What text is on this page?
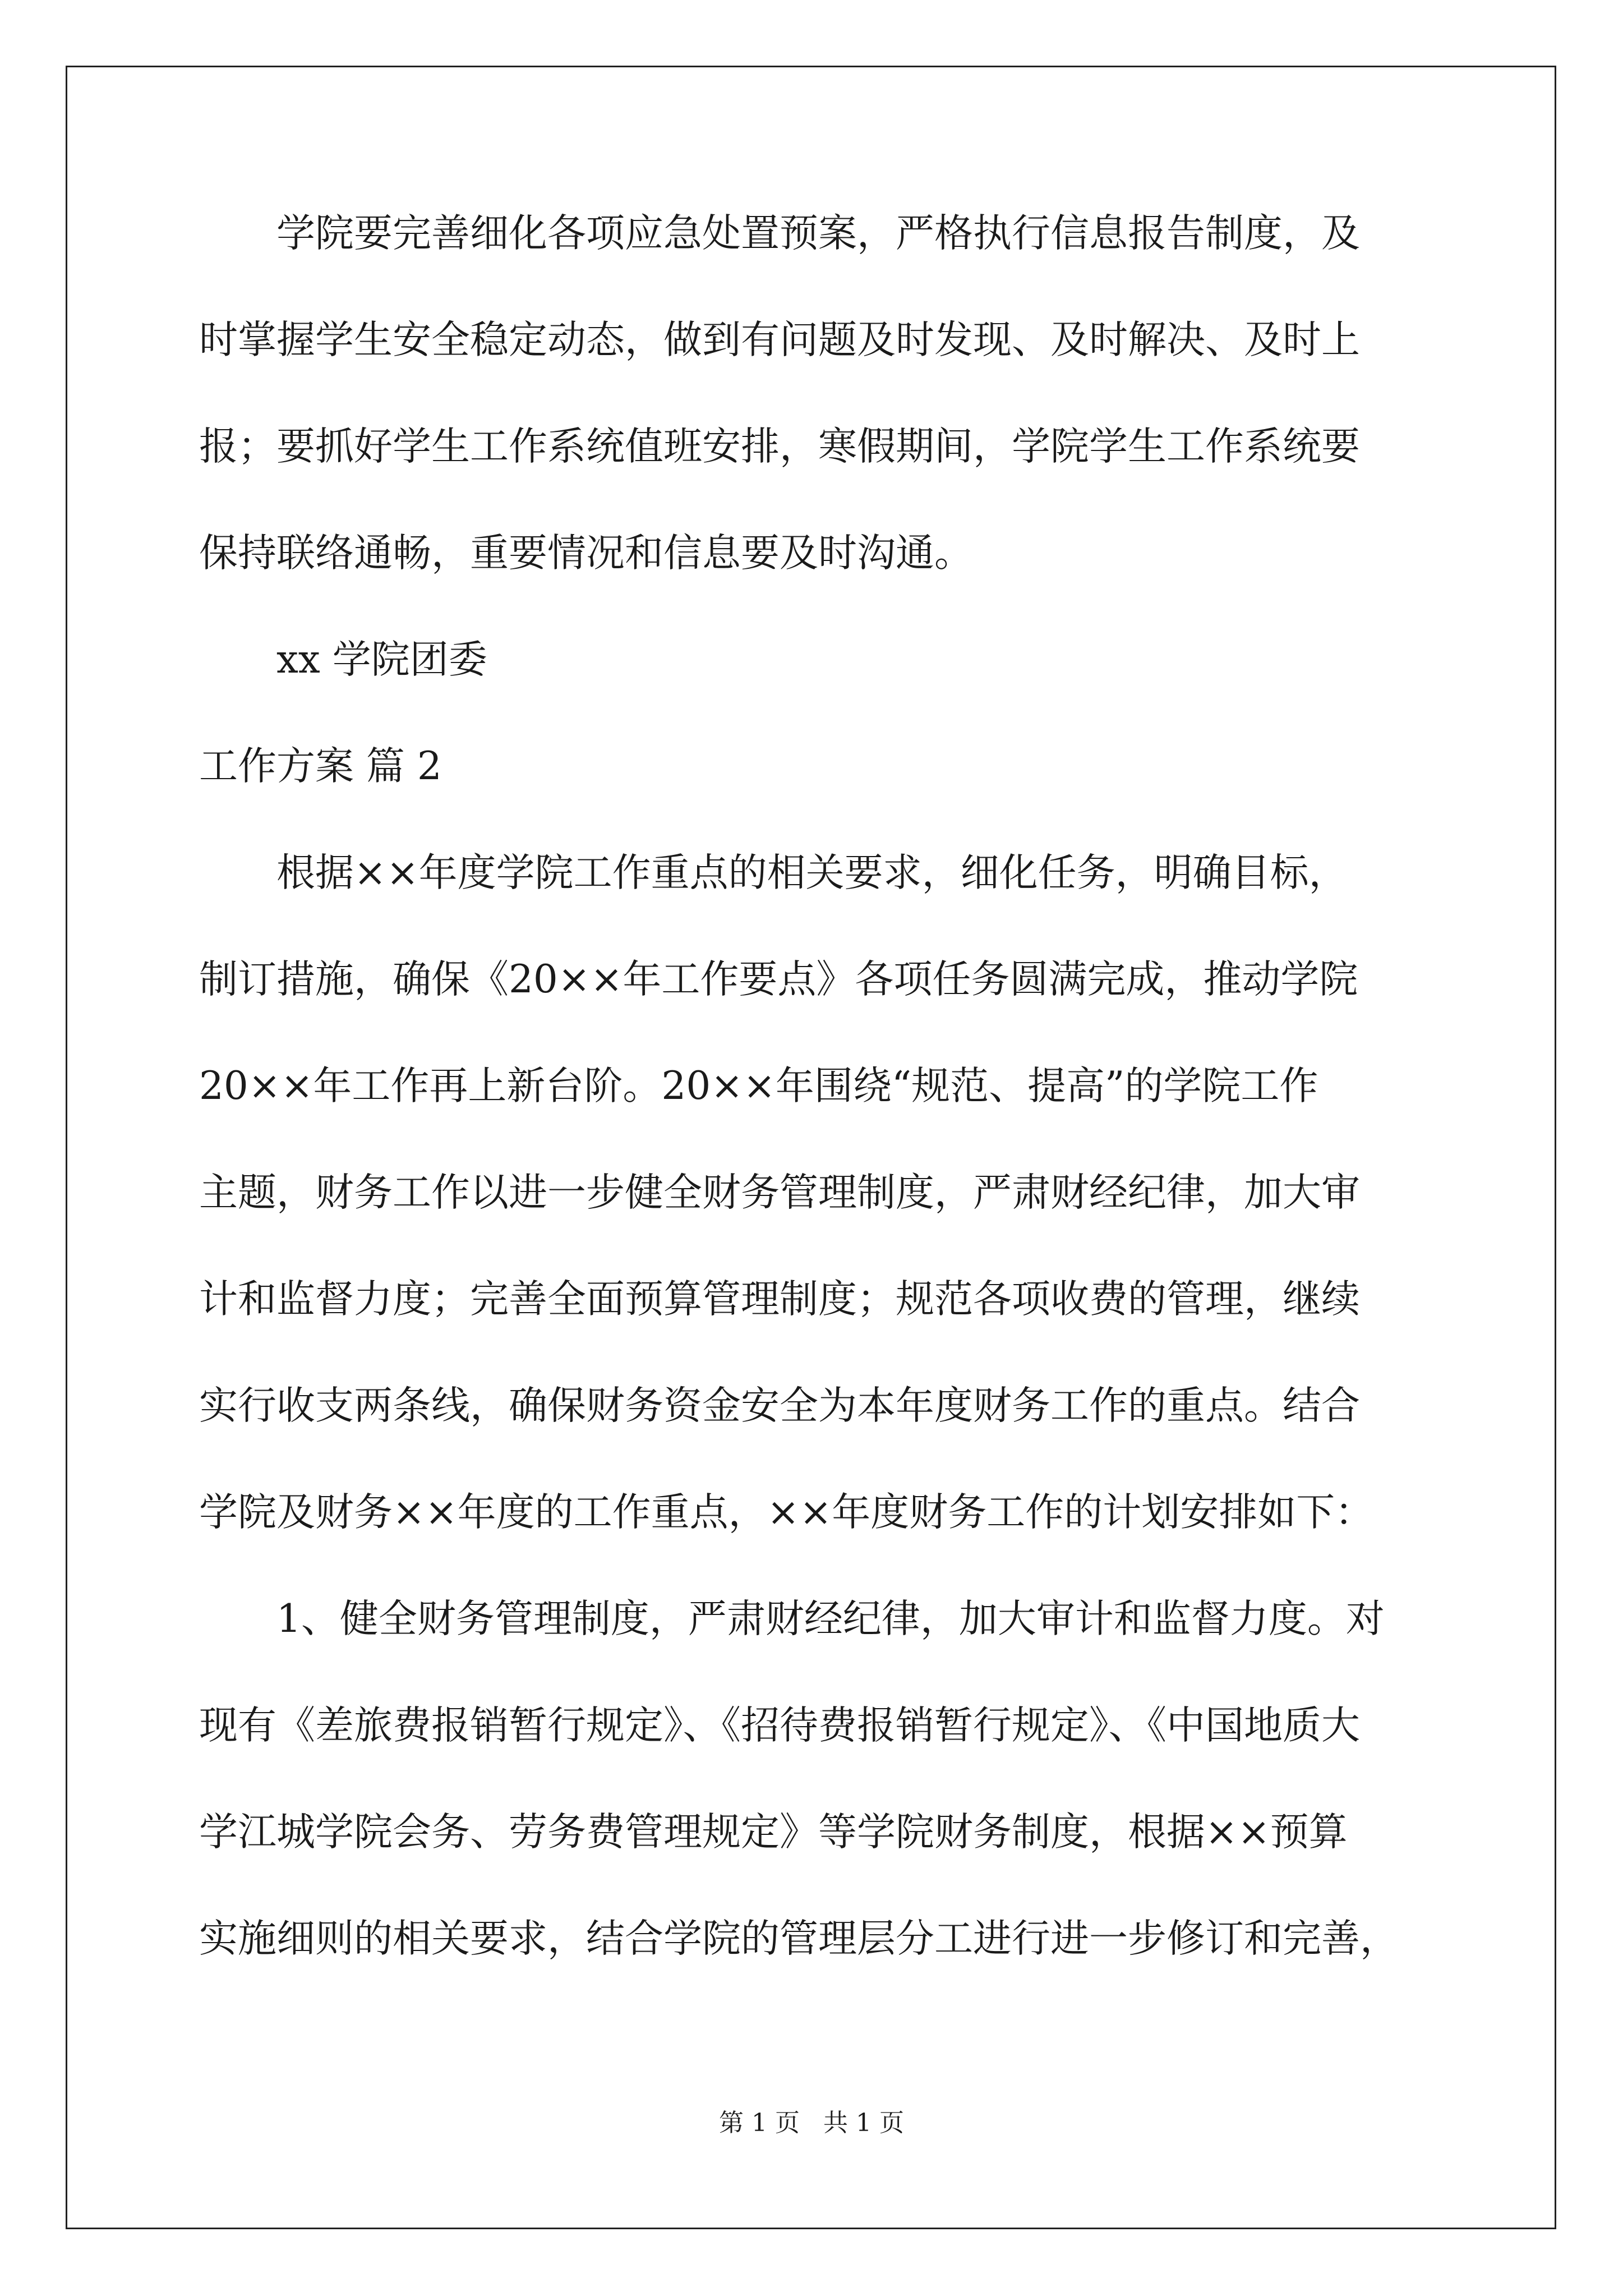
学院要完善细化各项应急处置预案，严格执行信息报告制度，及
时掌握学生安全稳定动态，做到有问题及时发现、及时解决、及时上
报；要抓好学生工作系统值班安排，寒假期间，学院学生工作系统要
保持联络通畅，重要情况和信息要及时沟通。
xx 学院团委
工作方案 篇 2
根据××年度学院工作重点的相关要求，细化任务，明确目标，
制订措施，确保《20××年工作要点》各项任务圆满完成，推动学院
20××年工作再上新台阶。20××年围绕“规范、提高”的学院工作
主题，财务工作以进一步健全财务管理制度，严肃财经纪律，加大审
计和监督力度；完善全面预算管理制度；规范各项收费的管理，继续
实行收支两条线，确保财务资金安全为本年度财务工作的重点。结合
学院及财务××年度的工作重点，××年度财务工作的计划安排如下：
1、健全财务管理制度，严肃财经纪律，加大审计和监督力度。对
现有《差旅费报销暂行规定》、《招待费报销暂行规定》、《中国地质大
学江城学院会务、劳务费管理规定》等学院财务制度，根据××预算
实施细则的相关要求，结合学院的管理层分工进行进一步修订和完善，
第 1 页   共 1 页
